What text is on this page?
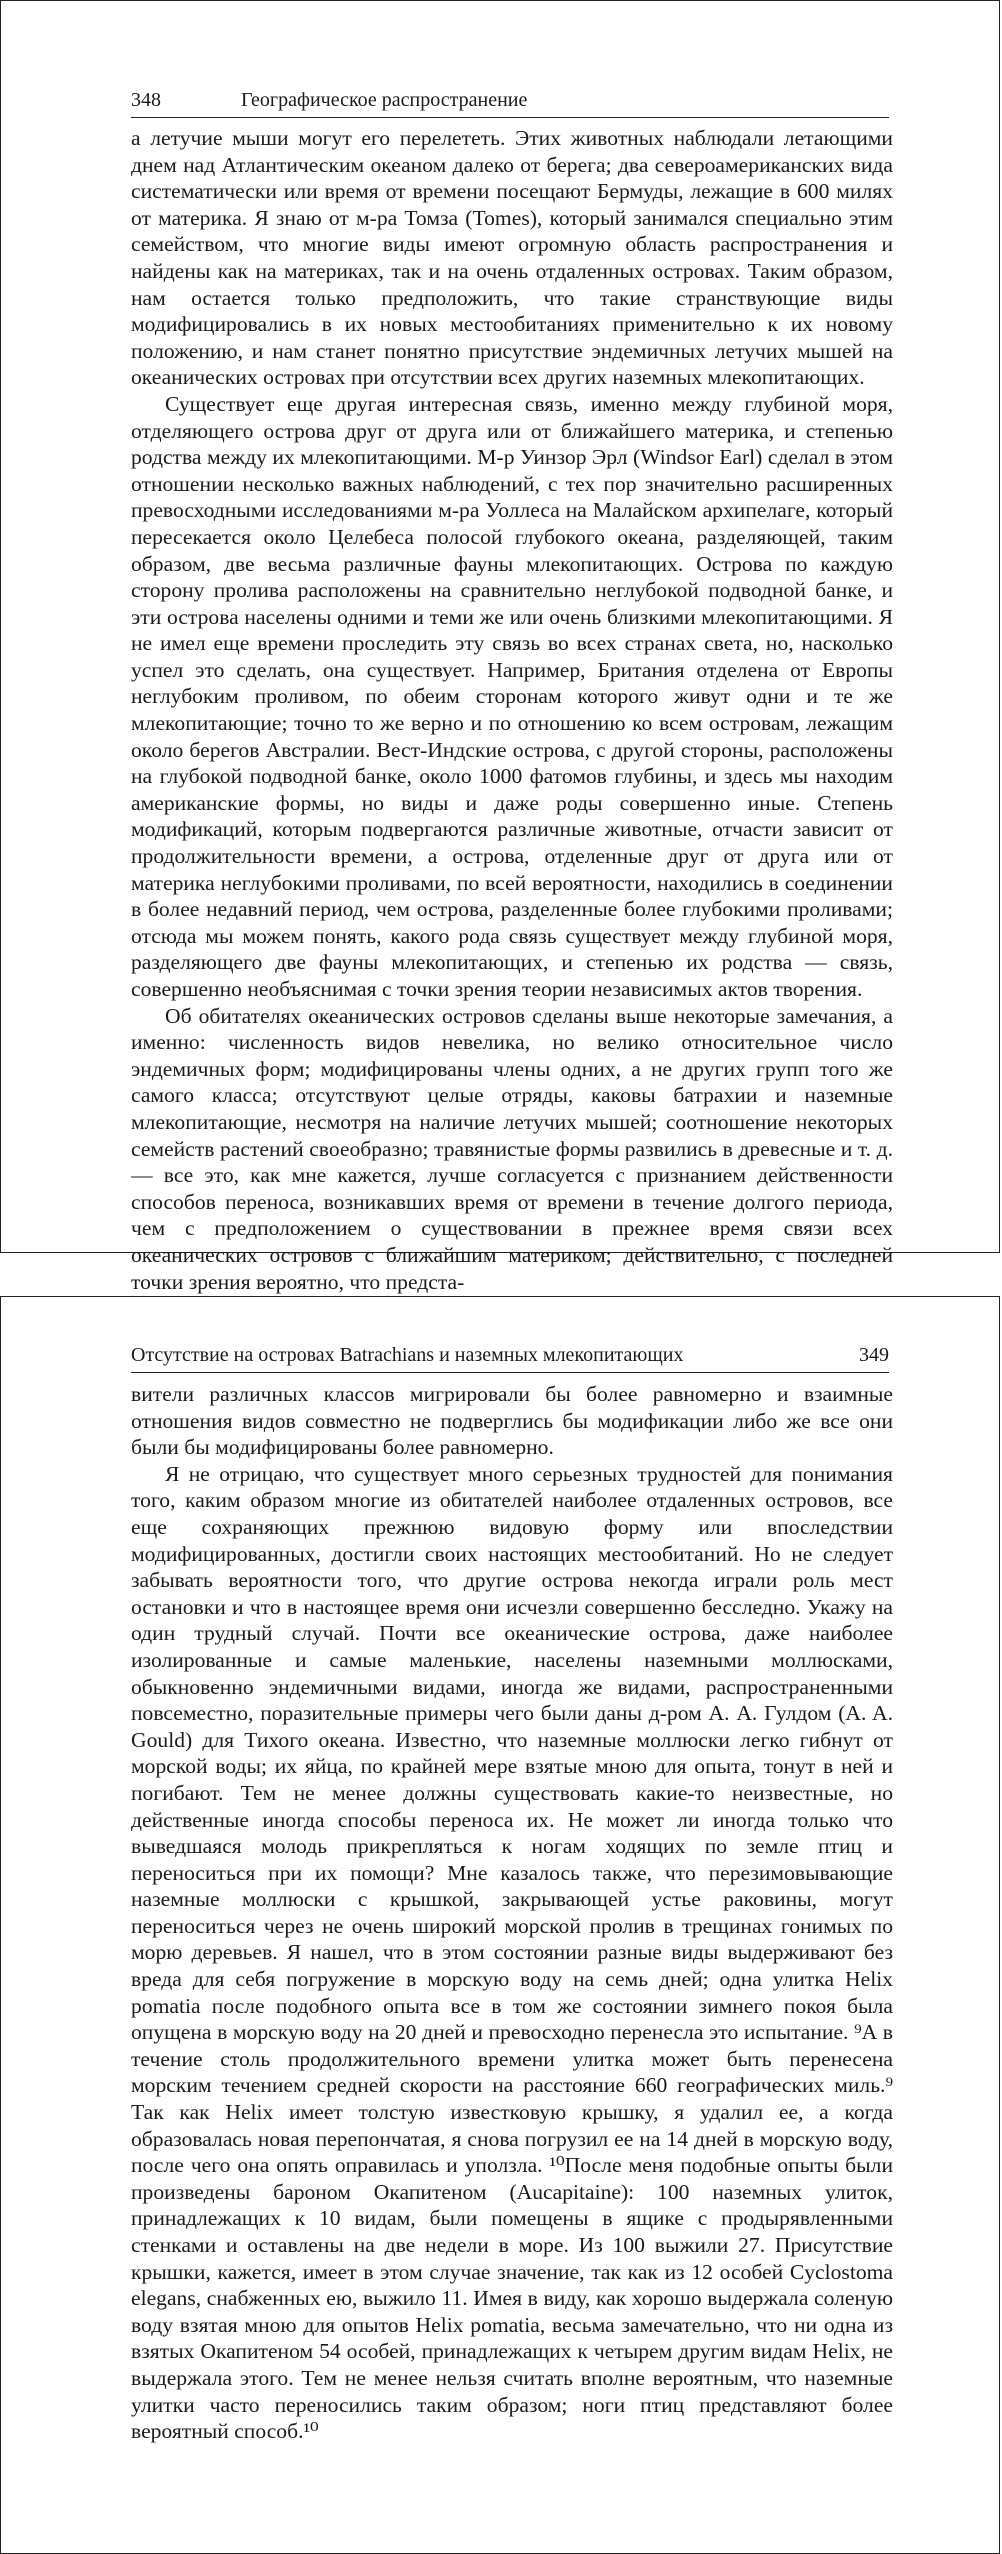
348	Географическое распространение

а летучие мыши могут его перелететь. Этих животных наблюдали летающими днем над Атлантическим океаном далеко от берега; два североамериканских вида систематически или время от времени посещают Бермуды, лежащие в 600 милях от материка. Я знаю от м-ра Томза (Tomes), который занимался специально этим семейством, что многие виды имеют огромную область распространения и найдены как на материках, так и на очень отдаленных островах. Таким образом, нам остается только предположить, что такие странствующие виды модифицировались в их новых местообитаниях применительно к их новому положению, и нам станет понятно присутствие эндемичных летучих мышей на океанических островах при отсутствии всех других наземных млекопитающих.

Существует еще другая интересная связь, именно между глубиной моря, отделяющего острова друг от друга или от ближайшего материка, и степенью родства между их млекопитающими. М-р Уинзор Эрл (Windsor Earl) сделал в этом отношении несколько важных наблюдений, с тех пор значительно расширенных превосходными исследованиями м-ра Уоллеса на Малайском архипелаге, который пересекается около Целебеса полосой глубокого океана, разделяющей, таким образом, две весьма различные фауны млекопитающих. Острова по каждую сторону пролива расположены на сравнительно неглубокой подводной банке, и эти острова населены одними и теми же или очень близкими млекопитающими. Я не имел еще времени проследить эту связь во всех странах света, но, насколько успел это сделать, она существует. Например, Британия отделена от Европы неглубоким проливом, по обеим сторонам которого живут одни и те же млекопитающие; точно то же верно и по отношению ко всем островам, лежащим около берегов Австралии. Вест-Индские острова, с другой стороны, расположены на глубокой подводной банке, около 1000 фатомов глубины, и здесь мы находим американские формы, но виды и даже роды совершенно иные. Степень модификаций, которым подвергаются различные животные, отчасти зависит от продолжительности времени, а острова, отделенные друг от друга или от материка неглубокими проливами, по всей вероятности, находились в соединении в более недавний период, чем острова, разделенные более глубокими проливами; отсюда мы можем понять, какого рода связь существует между глубиной моря, разделяющего две фауны млекопитающих, и степенью их родства — связь, совершенно необъяснимая с точки зрения теории независимых актов творения.

Об обитателях океанических островов сделаны выше некоторые замечания, а именно: численность видов невелика, но велико относительное число эндемичных форм; модифицированы члены одних, а не других групп того же самого класса; отсутствуют целые отряды, каковы батрахии и наземные млекопитающие, несмотря на наличие летучих мышей; соотношение некоторых семейств растений своеобразно; травянистые формы развились в древесные и т. д. — все это, как мне кажется, лучше согласуется с признанием действенности способов переноса, возникавших время от времени в течение долгого периода, чем с предположением о существовании в прежнее время связи всех океанических островов с ближайшим материком; действительно, с последней точки зрения вероятно, что предста-

Отсутствие на островах Batrachians и наземных млекопитающих	349

вители различных классов мигрировали бы более равномерно и взаимные отношения видов совместно не подверглись бы модификации либо же все они были бы модифицированы более равномерно.

Я не отрицаю, что существует много серьезных трудностей для понимания того, каким образом многие из обитателей наиболее отдаленных островов, все еще сохраняющих прежнюю видовую форму или впоследствии модифицированных, достигли своих настоящих местообитаний. Но не следует забывать вероятности того, что другие острова некогда играли роль мест остановки и что в настоящее время они исчезли совершенно бесследно. Укажу на один трудный случай. Почти все океанические острова, даже наиболее изолированные и самые маленькие, населены наземными моллюсками, обыкновенно эндемичными видами, иногда же видами, распространенными повсеместно, поразительные примеры чего были даны д-ром А. А. Гулдом (A. A. Gould) для Тихого океана. Известно, что наземные моллюски легко гибнут от морской воды; их яйца, по крайней мере взятые мною для опыта, тонут в ней и погибают. Тем не менее должны существовать какие-то неизвестные, но действенные иногда способы переноса их. Не может ли иногда только что выведшаяся молодь прикрепляться к ногам ходящих по земле птиц и переноситься при их помощи? Мне казалось также, что перезимовывающие наземные моллюски с крышкой, закрывающей устье раковины, могут переноситься через не очень широкий морской пролив в трещинах гонимых по морю деревьев. Я нашел, что в этом состоянии разные виды выдерживают без вреда для себя погружение в морскую воду на семь дней; одна улитка Helix pomatia после подобного опыта все в том же состоянии зимнего покоя была опущена в морскую воду на 20 дней и превосходно перенесла это испытание. ⁹А в течение столь продолжительного времени улитка может быть перенесена морским течением средней скорости на расстояние 660 географических миль.⁹ Так как Helix имеет толстую известковую крышку, я удалил ее, а когда образовалась новая перепончатая, я снова погрузил ее на 14 дней в морскую воду, после чего она опять оправилась и уползла. ¹⁰После меня подобные опыты были произведены бароном Окапитеном (Aucapitaine): 100 наземных улиток, принадлежащих к 10 видам, были помещены в ящике с продырявленными стенками и оставлены на две недели в море. Из 100 выжили 27. Присутствие крышки, кажется, имеет в этом случае значение, так как из 12 особей Cyclostoma elegans, снабженных ею, выжило 11. Имея в виду, как хорошо выдержала соленую воду взятая мною для опытов Helix pomatia, весьма замечательно, что ни одна из взятых Окапитеном 54 особей, принадлежащих к четырем другим видам Helix, не выдержала этого. Тем не менее нельзя считать вполне вероятным, что наземные улитки часто переносились таким образом; ноги птиц представляют более вероятный способ.¹⁰
